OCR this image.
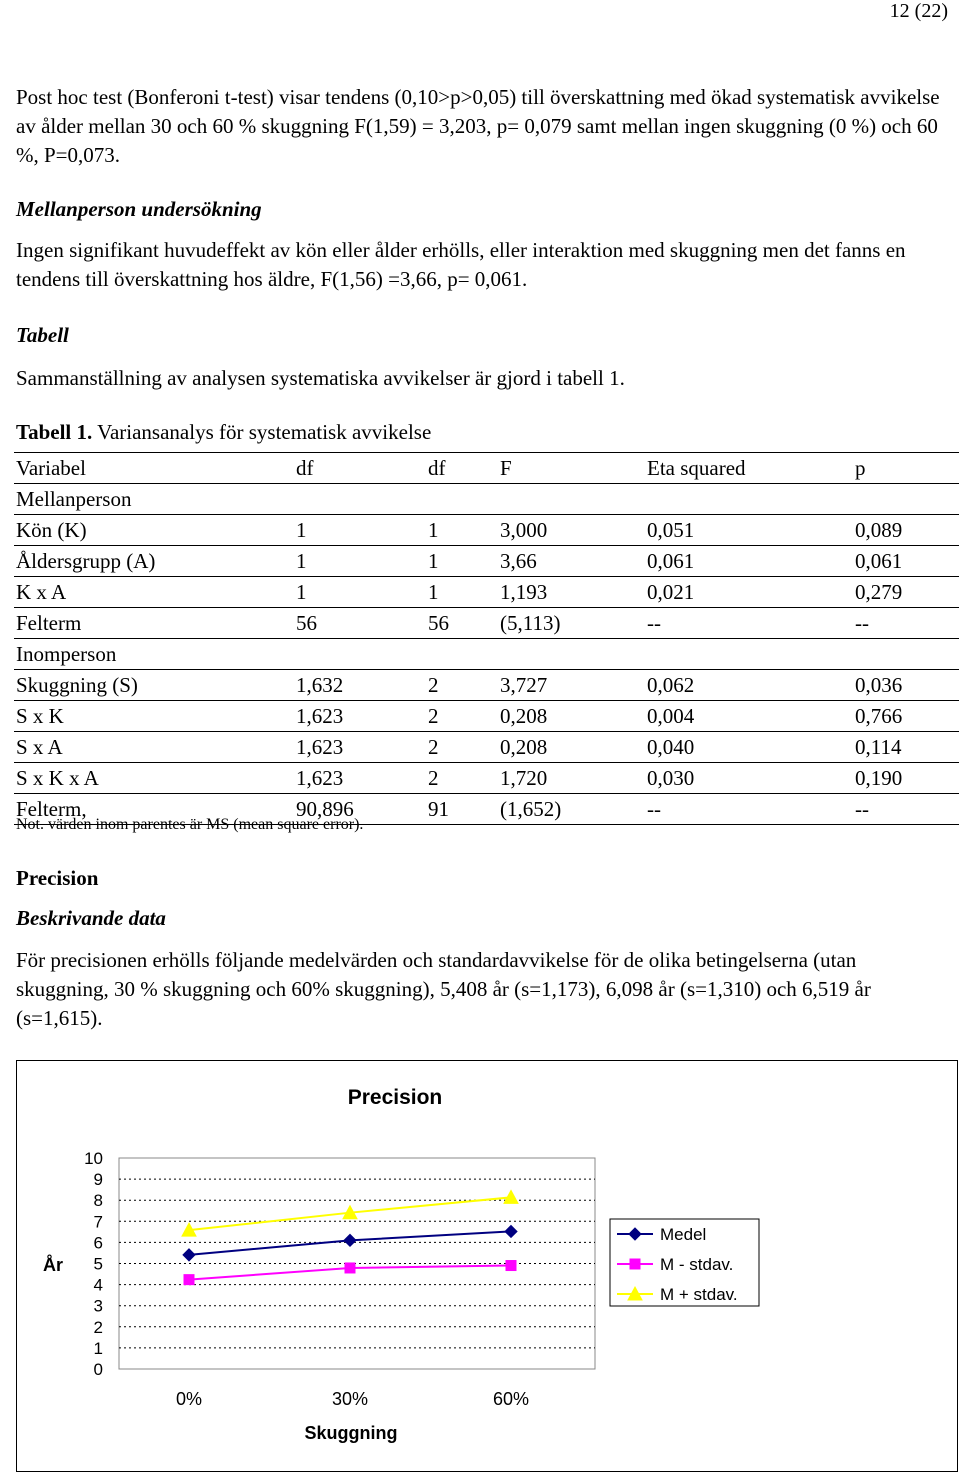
12 (22)

Post hoc test (Bonferoni t-test) visar tendens (0,10>p>0,05) till överskattning med ökad systematisk avvikelse av ålder mellan 30 och 60 % skuggning F(1,59) = 3,203, p= 0,079 samt mellan ingen skuggning (0 %) och 60 %, P=0,073.

Mellanperson undersökning

Ingen signifikant huvudeffekt av kön eller ålder erhölls, eller interaktion med skuggning men det fanns en tendens till överskattning hos äldre, F(1,56) =3,66, p= 0,061.

Tabell

Sammanställning av analysen systematiska avvikelser är gjord i tabell 1.

Tabell 1. Variansanalys för systematisk avvikelse
Variabel	df	df	F	Eta squared	p
Mellanperson					
Kön (K)	1	1	3,000	0,051	0,089
Åldersgrupp (A)	1	1	3,66	0,061	0,061
K x A	1	1	1,193	0,021	0,279
Felterm	56	56	(5,113)	--	--
Inomperson					
Skuggning (S)	1,632	2	3,727	0,062	0,036
S x K	1,623	2	0,208	0,004	0,766
S x A	1,623	2	0,208	0,040	0,114
S x K x A	1,623	2	1,720	0,030	0,190
Felterm,	90,896	91	(1,652)	--	--
Not. värden inom parentes är MS (mean square error).
Precision
Beskrivande data

För precisionen erhölls följande medelvärden och standardavvikelse för de olika betingelserna (utan skuggning, 30 % skuggning och 60% skuggning), 5,408 år (s=1,173), 6,098 år (s=1,310) och 6,519 år (s=1,615).

Precision
0
1
2
3
4
5
6
7
8
9
10
0%	30%	60%
Skuggning
År
Medel
M - stdav.
M + stdav.
